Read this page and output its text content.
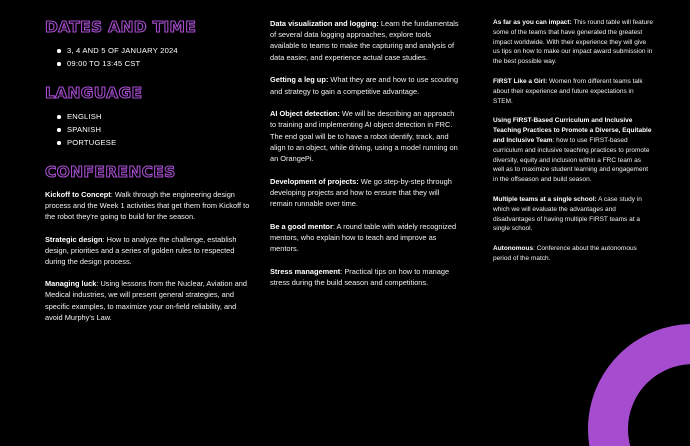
DATES AND TIME
3, 4 AND 5 OF JANUARY 2024
09:00 TO 13:45 CST
LANGUAGE
ENGLISH
SPANISH
PORTUGESE
CONFERENCES

Kickoff to Concept: Walk through the engineering design process and the Week 1 activities that get them from Kickoff to the robot they're going to build for the season.

Strategic design: How to analyze the challenge, establish design, priorities and a series of golden rules to respected during the design process.

Managing luck: Using lessons from the Nuclear, Aviation and Medical industries, we will present general strategies, and specific examples, to maximize your on-field reliability, and avoid Murphy's Law.

Data visualization and logging: Learn the fundamentals of several data logging approaches, explore tools available to teams to make the capturing and analysis of data easier, and experience actual case studies.

Getting a leg up: What they are and how to use scouting and strategy to gain a competitive advantage.

AI Object detection: We will be describing an approach to training and implementing AI object detection in FRC. The end goal will be to have a robot identify, track, and align to an object, while driving, using a model running on an OrangePi.

Development of projects: We go step-by-step through developing projects and how to ensure that they will remain runnable over time.

Be a good mentor: A round table with widely recognized mentors, who explain how to teach and improve as mentors.

Stress management: Practical tips on how to manage stress during the build season and competitions.

As far as you can impact: This round table will feature some of the teams that have generated the greatest impact worldwide. With their experience they will give us tips on how to make our impact award submission in the best possible way.

FIRST Like a Girl: Women from different teams talk about their experience and future expectations in STEM.

Using FIRST-Based Curriculum and Inclusive Teaching Practices to Promote a Diverse, Equitable and Inclusive Team: how to use FIRST-based curriculum and inclusive teaching practices to promote diversity, equity and inclusion within a FRC team as well as to maximize student learning and engagement in the offseason and build season.

Multiple teams at a single school: A case study in which we will evaluate the advantages and disadvantages of having multiple FIRST teams at a single school.

Autonomous: Conference about the autonomous period of the match.
